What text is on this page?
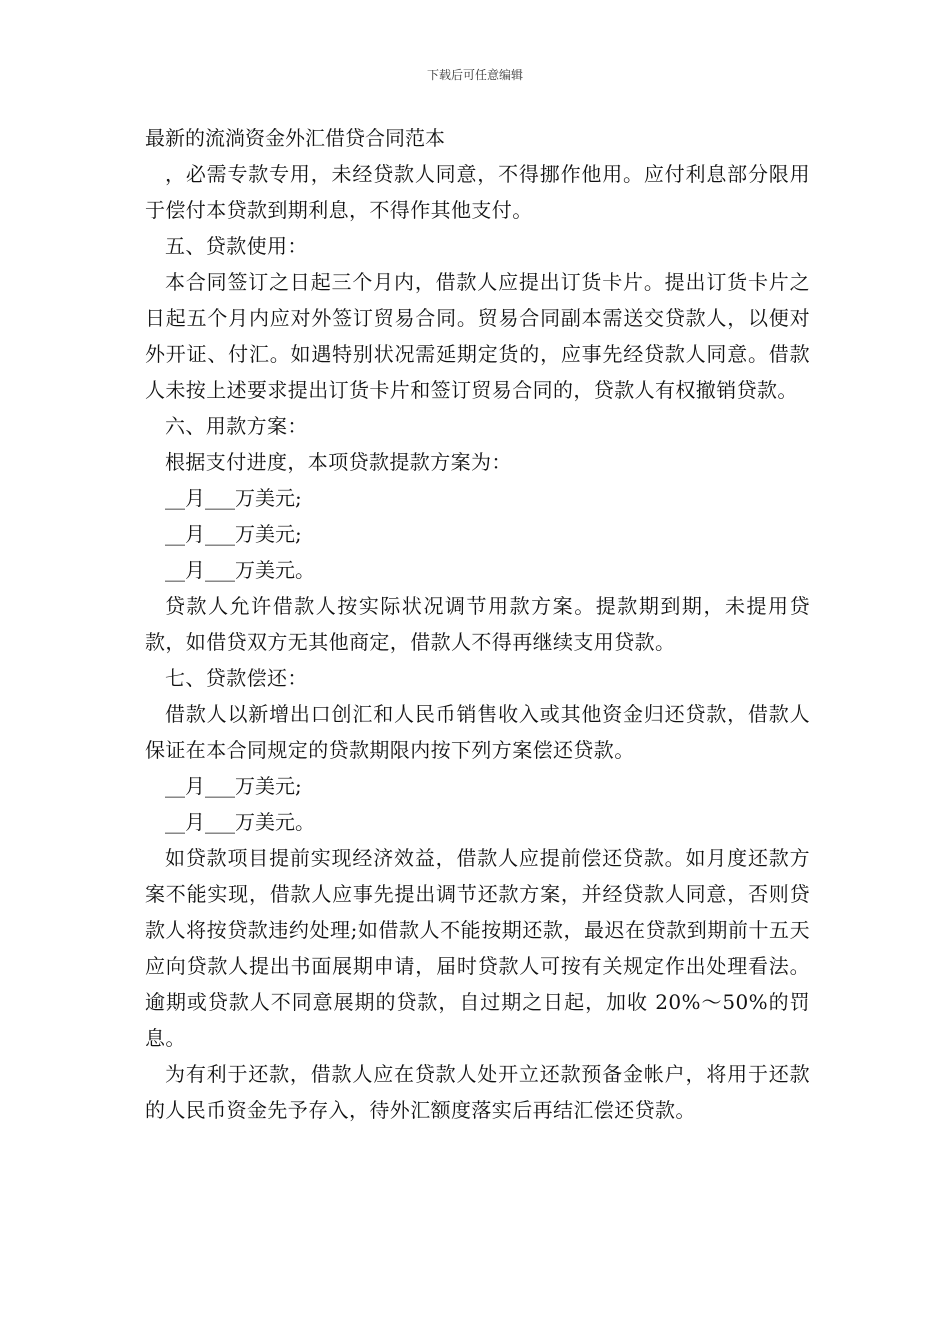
下载后可任意编辑

最新的流淌资金外汇借贷合同范本

，必需专款专用，未经贷款人同意，不得挪作他用。应付利息部分限用于偿付本贷款到期利息，不得作其他支付。

五、贷款使用：

本合同签订之日起三个月内，借款人应提出订货卡片。提出订货卡片之日起五个月内应对外签订贸易合同。贸易合同副本需送交贷款人，以便对外开证、付汇。如遇特别状况需延期定货的，应事先经贷款人同意。借款人未按上述要求提出订货卡片和签订贸易合同的，贷款人有权撤销贷款。

六、用款方案：

根据支付进度，本项贷款提款方案为：

__月___万美元;

__月___万美元;

__月___万美元。

贷款人允许借款人按实际状况调节用款方案。提款期到期，未提用贷款，如借贷双方无其他商定，借款人不得再继续支用贷款。

七、贷款偿还：

借款人以新增出口创汇和人民币销售收入或其他资金归还贷款，借款人保证在本合同规定的贷款期限内按下列方案偿还贷款。

__月___万美元;

__月___万美元。

如贷款项目提前实现经济效益，借款人应提前偿还贷款。如月度还款方案不能实现，借款人应事先提出调节还款方案，并经贷款人同意，否则贷款人将按贷款违约处理;如借款人不能按期还款，最迟在贷款到期前十五天应向贷款人提出书面展期申请，届时贷款人可按有关规定作出处理看法。逾期或贷款人不同意展期的贷款，自过期之日起，加收 20%～50%的罚息。

为有利于还款，借款人应在贷款人处开立还款预备金帐户，将用于还款的人民币资金先予存入，待外汇额度落实后再结汇偿还贷款。
